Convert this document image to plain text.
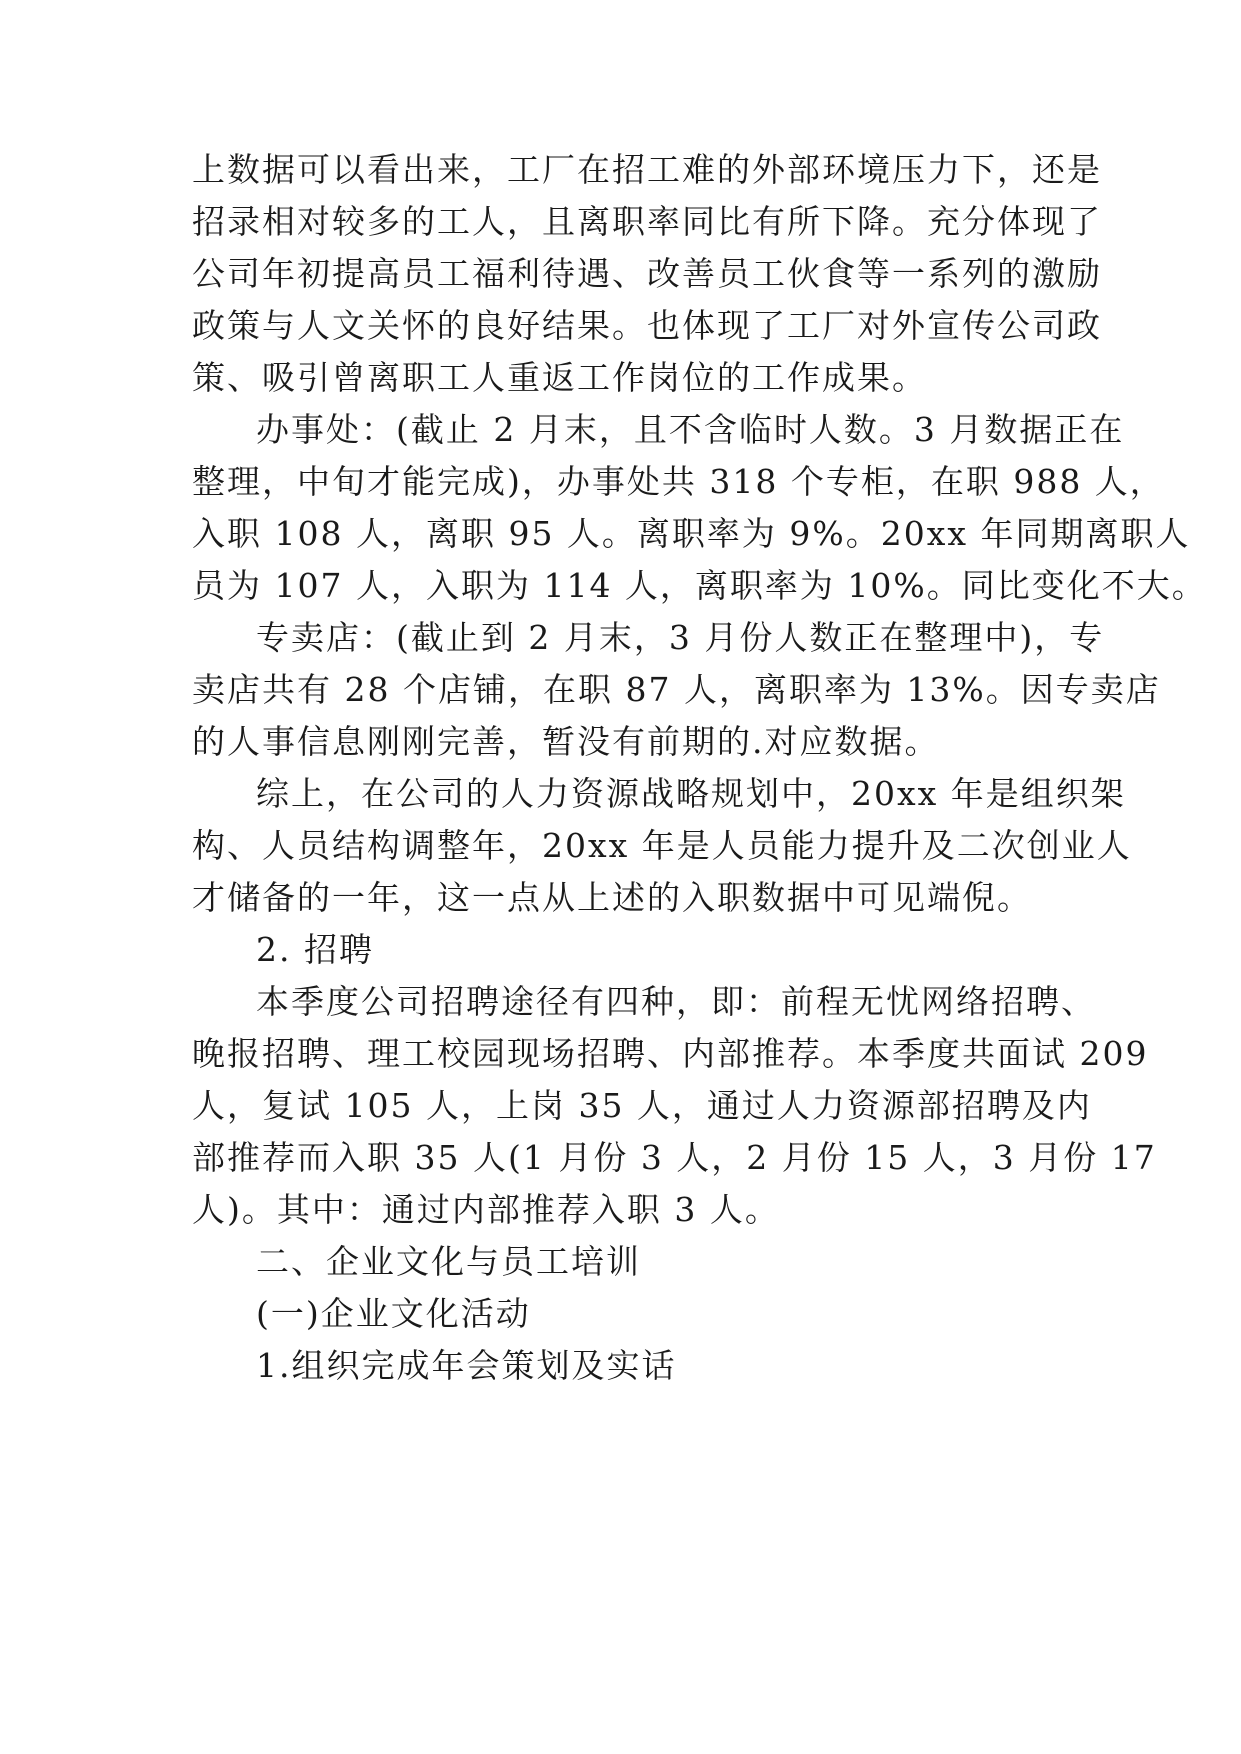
上数据可以看出来，工厂在招工难的外部环境压力下，还是
招录相对较多的工人，且离职率同比有所下降。充分体现了
公司年初提高员工福利待遇、改善员工伙食等一系列的激励
政策与人文关怀的良好结果。也体现了工厂对外宣传公司政
策、吸引曾离职工人重返工作岗位的工作成果。
办事处：(截止 2 月末，且不含临时人数。3 月数据正在
整理，中旬才能完成)，办事处共 318 个专柜，在职 988 人，
入职 108 人，离职 95 人。离职率为 9%。20xx 年同期离职人
员为 107 人，入职为 114 人，离职率为 10%。同比变化不大。
专卖店：(截止到 2 月末，3 月份人数正在整理中)，专
卖店共有 28 个店铺，在职 87 人，离职率为 13%。因专卖店
的人事信息刚刚完善，暂没有前期的.对应数据。
综上，在公司的人力资源战略规划中，20xx 年是组织架
构、人员结构调整年，20xx 年是人员能力提升及二次创业人
才储备的一年，这一点从上述的入职数据中可见端倪。
2. 招聘
本季度公司招聘途径有四种，即：前程无忧网络招聘、
晚报招聘、理工校园现场招聘、内部推荐。本季度共面试 209
人，复试 105 人，上岗 35 人，通过人力资源部招聘及内
部推荐而入职 35 人(1 月份 3 人，2 月份 15 人，3 月份 17
人)。其中：通过内部推荐入职 3 人。
二、企业文化与员工培训
(一)企业文化活动
1.组织完成年会策划及实话
